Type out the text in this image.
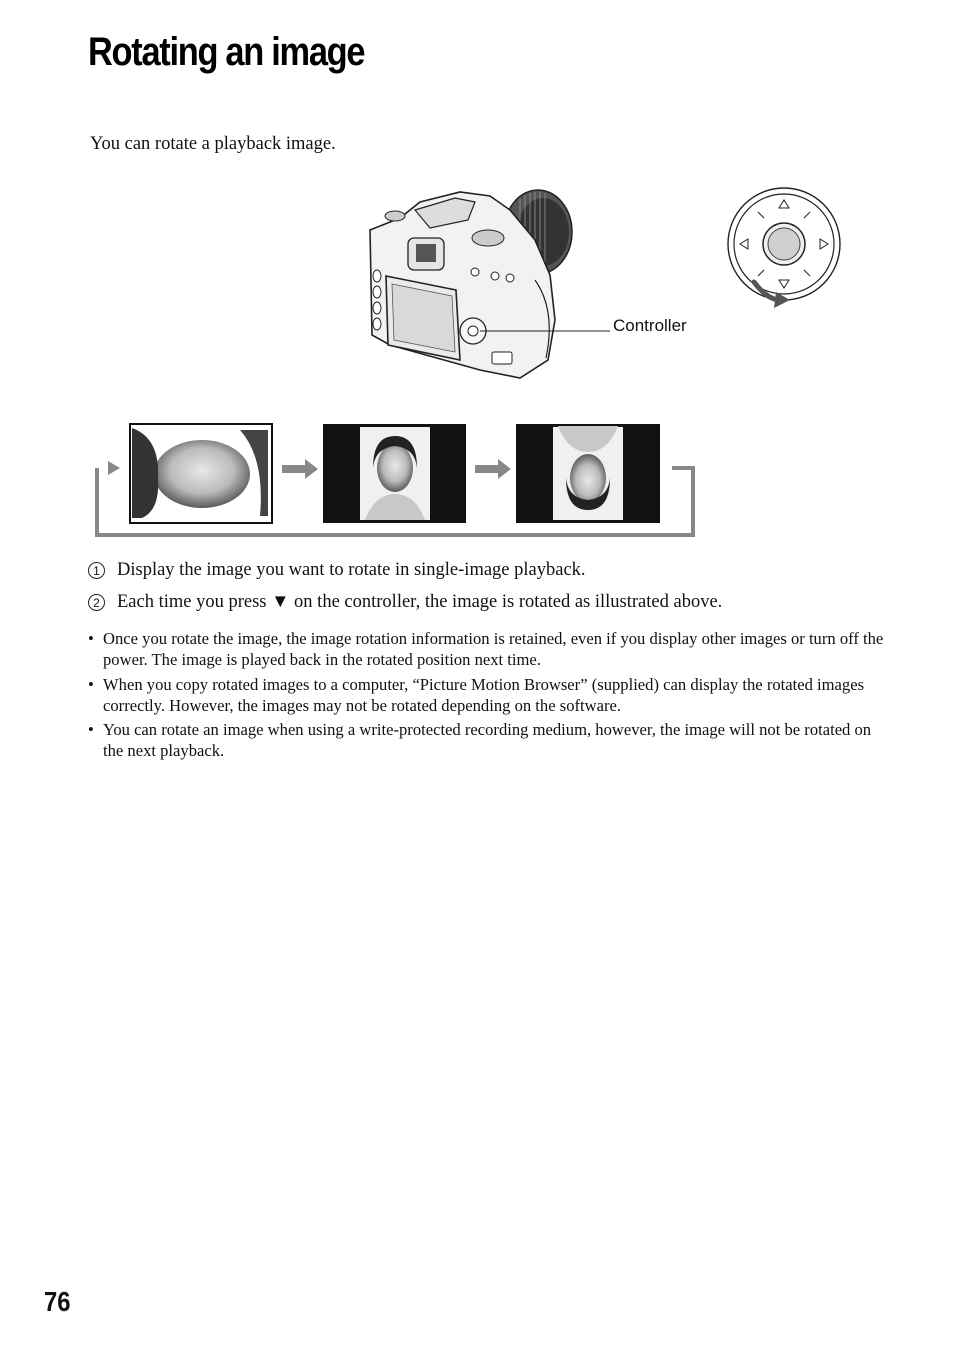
Rotating an image
You can rotate a playback image.
Controller
1 Display the image you want to rotate in single-image playback.
2 Each time you press ▼ on the controller, the image is rotated as illustrated above.
• Once you rotate the image, the image rotation information is retained, even if you display other images or turn off the power. The image is played back in the rotated position next time.
• When you copy rotated images to a computer, “Picture Motion Browser” (supplied) can display the rotated images correctly. However, the images may not be rotated depending on the software.
• You can rotate an image when using a write-protected recording medium, however, the image will not be rotated on the next playback.
76
